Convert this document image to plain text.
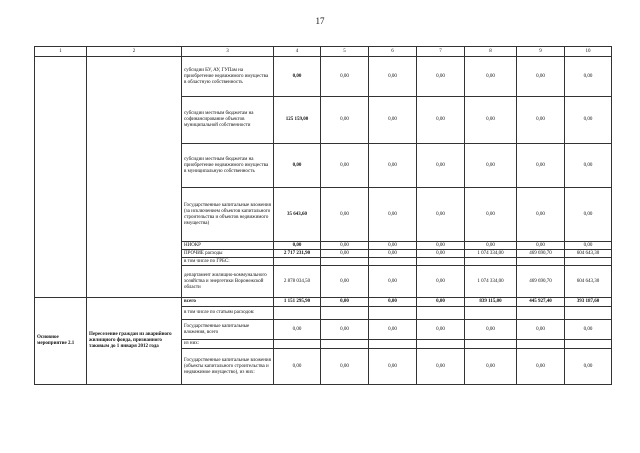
17
1	2	3	4	5	6	7	8	9	10
		субсидии БУ, АУ, ГУПам на приобретение недвижимого имущества в областную собственность	0,00	0,00	0,00	0,00	0,00	0,00	0,00
		субсидии местным бюджетам на софинансирование объектов муниципальной собственности	125 159,00	0,00	0,00	0,00	0,00	0,00	0,00
		субсидии местным бюджетам на приобретение недвижимого имущества в муниципальную собственность	0,00	0,00	0,00	0,00	0,00	0,00	0,00
		Государственные капитальные вложения (за исключением объектов капитального строительства и объектов недвижимого имущества)	35 643,60	0,00	0,00	0,00	0,00	0,00	0,00
		НИОКР	0,00	0,00	0,00	0,00	0,00	0,00	0,00
		ПРОЧИЕ расходы	2 717 231,90	0,00	0,00	0,00	1 074 334,00	469 690,70	604 643,30
		в том числе по ГРБС:							
		департамент жилищно-коммунального хозяйства и энергетики Воронежской области	2 878 034,50	0,00	0,00	0,00	1 074 334,00	469 690,70	604 643,30
Основное мероприятие 2.1	Переселение граждан из аварийного жилищного фонда, признанного таковым до 1 января 2012 года	всего	1 151 295,90	0,00	0,00	0,00	839 115,00	445 927,40	393 187,60
		в том числе по статьям расходов:							
		Государственные капитальные вложения, всего	0,00	0,00	0,00	0,00	0,00	0,00	0,00
		из них:							
		Государственные капитальные вложения (объекты капитального строительства и недвижимое имущество), из них:	0,00	0,00	0,00	0,00	0,00	0,00	0,00
